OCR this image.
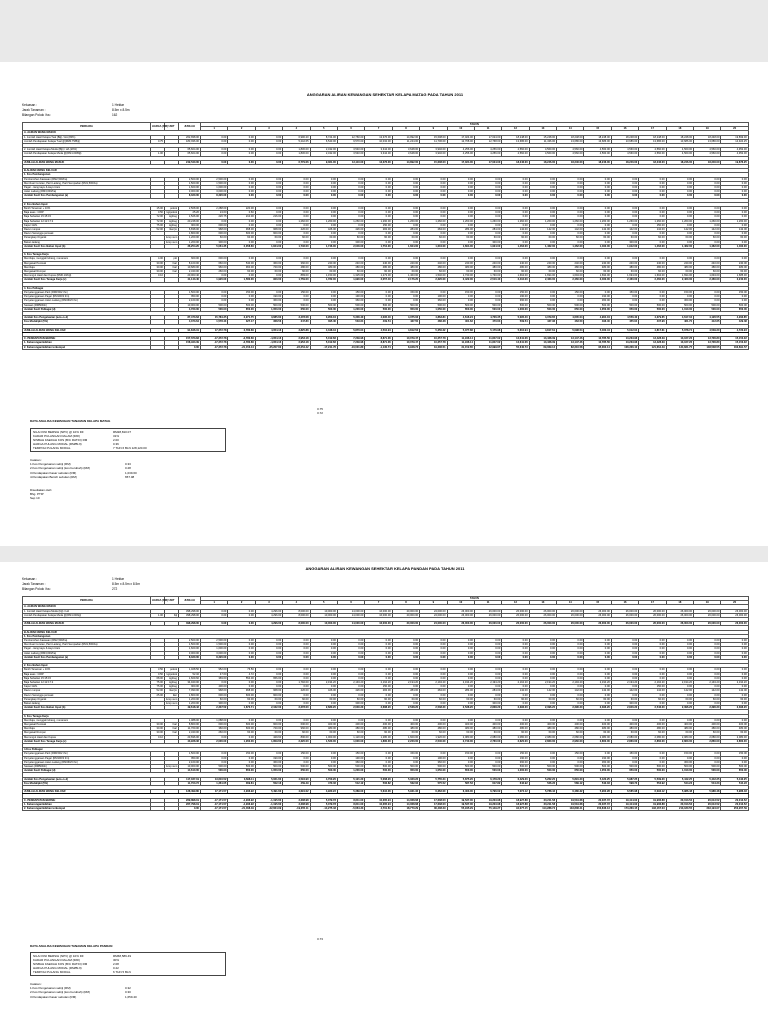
ANGGARAN ALIRAN KEWANGAN SEHEKTAR KELAPA MATAG PADA TAHUN 2011
Keluasan :	1 Hektar
Jarak Tanaman :	8.5m x 8.5m
Bilangan Pokok /ha :	162
PERKARA	HARGA (RM)	UNIT	JUMLAH	TAHUN																				
				1	2	3	4	5	6	7	8	9	10	11	12	13	14	15	16	17	18	19	20	
A. ALIRAN WANG MASUK																								
1. Jumlah Hasil Kelapa Tual (Biji) / HA (80%)			262,838.00	0.00	0.00	0.00	6,990.20	8,724.00	12,760.00	13,376.00	14,992.00	15,608.00	17,024.00	17,024.00	18,248.00	15,248.00	18,248.00	18,248.00	18,248.00	18,248.00	18,248.00	18,248.00	19,899.00	
Jumlah Pendapatan Kelapa Tual @(RM0.75/Biji)	0.75		183,936.00	0.00	0.00	0.00	5,242.65	6,543.00	9,570.00	10,032.00	11,244.00	11,706.00	12,768.00	12,768.00	13,686.00	11,436.00	13,686.00	13,686.00	13,686.00	13,686.00	13,686.00	13,686.00	14,924.25	

2. Jumlah Hasil Kelapa Muda (Biji) / HA (20%)			65,604.00	0.00	0.00	0.00	1,830.00	2,432.00	3,540.00	3,344.00	3,648.00	3,902.00	4,256.00	4,256.00	4,560.00	4,560.00	4,560.00	4,560.00	4,560.00	4,560.00	4,560.00	4,560.00	4,952.00	
Jumlah Pendapatan Kelapa Muda @(RM1.00/Biji)	1.00		65,604.00	0.00	0.00	0.00	1,830.00	2,432.00	3,540.00	3,344.00	3,648.00	3,902.00	4,256.00	4,256.00	4,560.00	4,560.00	4,560.00	4,560.00	4,560.00	4,560.00	4,560.00	4,560.00	4,952.00	

JUMLAH ALIRAN WANG MASUK			249,540.00	0.00	0.00	0.00	6,779.06	9,361.00	13,110.00	13,376.00	14,892.00	15,608.00	17,024.00	17,024.00	18,246.00	18,246.00	18,246.00	18,246.00	18,246.00	18,246.00	18,246.00	18,246.00	19,876.25	

B.ALIRAN WANG KELUAR																								
1. Kos Pembangunan																								
Pembersihan Kawasan (RM2,500/ha)			2,500.00	2,500.00	0.00	0.00	0.00	0.00	0.00	0.00	0.00	0.00	0.00	0.00	0.00	0.00	0.00	0.00	0.00	0.00	0.00	0.00	0.00	
Membuat Cerutan, Parit Ladang, Parit Sempadan (RM1,500/ha)			1,500.00	1,500.00	0.00	0.00	0.00	0.00	0.00	0.00	0.00	0.00	0.00	0.00	0.00	0.00	0.00	0.00	0.00	0.00	0.00	0.00	0.00	
Pagar - tiang kayu & kayu tiram			1,600.00	1,600.00	0.00	0.00	0.00	0.00	0.00	0.00	0.00	0.00	0.00	0.00	0.00	0.00	0.00	0.00	0.00	0.00	0.00	0.00	0.00	
Jalan Ladang (RM3,000/ha)			3,000.00	3,000.00	0.00	0.00	0.00	0.00	0.00	0.00	0.00	0.00	0.00	0.00	0.00	0.00	0.00	0.00	0.00	0.00	0.00	0.00	0.00	
Jumlah Kecil Kos Pembangunan (a)			8,320.00	8,320.00	0.00	0.00	0.00	0.00	0.00	0.00	0.00	0.00	0.00	0.00	0.00	0.00	0.00	0.00	0.00	0.00	0.00	0.00	0.00	

2. Kos Bahan Input																								
Benih Tanaman + 10%	15.00	pokok	2,508.00	2,288.00	220.00	0.00	0.00	0.00	0.00	0.00	0.00	0.00	0.00	0.00	0.00	0.00	0.00	0.00	0.00	0.00	0.00	0.00	0.00	
Baja asas : CIRP	0.50	kg/pokok	25.20	24.60	0.60	0.00	0.00	0.00	0.00	0.00	0.00	0.00	0.00	0.00	0.00	0.00	0.00	0.00	0.00	0.00	0.00	0.00	0.00	
Baja Sebatian 15:15:15	72.00	kg/beg	1,526.00	226.75	210.00	216.00	0.00	0.00	0.00	0.00	0.00	0.00	0.00	0.00	0.00	0.00	0.00	0.00	0.00	0.00	0.00	0.00	0.00	
Baja Sebatian 12:12:17:2	72.00	kg/beg	20,248.00	0.00	0.00	0.00	1,260.00	1,260.00	1,260.00	1,260.00	1,260.00	1,260.00	1,260.00	1,260.00	1,260.00	1,260.00	1,260.00	1,260.00	1,260.00	1,260.00	1,260.00	1,260.00	1,260.00	
Kapur GML	75.00	kg/beg	900.00	600.00	0.00	0.00	0.00	0.00	0.00	150.00	0.00	0.00	0.00	0.00	0.00	0.00	0.00	0.00	0.00	150.00	0.00	0.00	0.00	
Racun rumpai	52.00	liter/jm	6,838.00	968.00	968.00	968.00	426.00	426.00	426.00	284.00	284.00	284.00	284.00	284.00	142.00	142.00	142.00	142.00	142.00	142.00	142.00	142.00	142.00	
Racun Serangga perosak			1,800.00	600.00	600.00	600.00	0.00	0.00	0.00	0.00	0.00	0.00	0.00	0.00	0.00	0.00	0.00	0.00	0.00	0.00	0.00	0.00	0.00	
Perangkap Organik		lump sum	1,200.00	60.00	60.00	60.00	60.00	60.00	60.00	60.00	60.00	60.00	60.00	60.00	60.00	60.00	60.00	60.00	60.00	60.00	60.00	60.00	60.00	
Bekan ladang		lump sum	1,200.00	300.00	0.00	0.00	0.00	0.00	300.00	0.00	0.00	0.00	0.00	300.00	0.00	0.00	0.00	0.00	300.00	0.00	0.00	0.00	0.00	
Jumlah Kecil Kos Bahan Input (b)			36,254.20	5,061.35	2,058.60	1,844.00	1,746.00	1,746.00	2,046.00	1,754.00	1,604.00	1,604.00	1,604.00	1,904.00	1,462.00	1,462.00	1,462.00	1,462.00	1,912.00	1,462.00	1,462.00	1,462.00	1,462.00	

3. Kos Tenaga Kerja																								
Membaja, menggali lubang, menanam	4.00	pkt	600.00	600.00	0.00	0.00	0.00	0.00	0.00	0.00	0.00	0.00	0.00	0.00	0.00	0.00	0.00	0.00	0.00	0.00	0.00	0.00	0.00	
Mengawal Perosak	30.00	hari	8,100.00	660.00	540.00	360.00	360.00	240.00	240.00	240.00	240.00	240.00	240.00	240.00	240.00	240.00	240.00	240.00	240.00	240.00	240.00	240.00	240.00	
Membaja	30.00	hari	10,680.00	960.00	960.00	720.00	480.00	480.00	480.00	480.00	480.00	480.00	480.00	480.00	480.00	480.00	480.00	480.00	480.00	480.00	480.00	480.00	480.00	
Mengawal Rumpai	30.00	hari	2,340.00	260.00	60.00	60.00	60.00	60.00	60.00	60.00	60.00	60.00	60.00	60.00	60.00	60.00	60.00	60.00	60.00	60.00	60.00	60.00	60.00	
Memungut Hasil dan Kupas (RM0.10/biji)	0.10		20,003.40	0.00	0.00	0.00	883.00	1,150.00	1,325.00	1,273.00	1,463.00	1,540.00	1,730.00	1,730.00	1,694.00	1,694.00	1,694.00	1,694.00	1,694.00	1,694.00	1,694.00	1,694.00	1,685.00	
Jumlah Kecil Kos Tenaga Kerja (c)			41,143.40	1,920.00	1,580.00	900.00	1,759.00	1,782.00	1,990.00	2,057.40	2,176.20	2,320.00	2,422.00	2,510.40	2,434.00	2,460.00	2,460.00	2,460.00	2,460.00	2,460.00	2,460.00	2,460.00	2,240.00	

4. Kos Pelbagai																								
Penyelenggaraan Parit (RM150/2 thn)			1,500.00	0.00	150.00	0.00	150.00	0.00	150.00	0.00	150.00	0.00	150.00	0.00	150.00	0.00	150.00	0.00	150.00	0.00	150.00	0.00	150.00	
Penyelenggaraan Pagar (RM190/3 thn)			950.00	0.00	0.00	190.00	0.00	0.00	190.00	0.00	0.00	190.00	0.00	0.00	190.00	0.00	0.00	190.00	0.00	0.00	0.00	0.00	0.00	
Penyelenggaraan Jalan Ladang (RM360/3 thn)			2,160.00	0.00	0.00	360.00	0.00	0.00	360.00	0.00	0.00	360.00	0.00	0.00	360.00	0.00	0.00	360.00	0.00	0.00	360.00	0.00	0.00	
Sewaan (RM50/bln)			10,000.00	500.00	500.00	500.00	500.00	500.00	500.00	500.00	500.00	500.00	500.00	500.00	500.00	500.00	500.00	500.00	500.00	500.00	500.00	500.00	500.00	
Jumlah Kecil Pelbagai (d)			4,760.00	500.00	650.00	1,050.00	650.00	500.00	1,200.00	500.00	650.00	1,050.00	650.00	500.00	1,200.00	500.00	650.00	1,050.00	650.00	500.00	1,010.00	500.00	650.00	

Jumlah Kos Pengeluaran (a+b+c+d)			87,473.63	15,784.35	3,271.75	3,685.60	3,478.08	3,953.04	5,336.40	4,095.40	4,375.03	4,863.84	4,616.24	4,706.35	5,095.40	4,379.65	4,635.04	4,964.04	4,556.40	4,379.65	4,617.04	4,126.55	4,293.85	
Kos Modal/pkt (5%)			4,373.64	1,578.43	327.17	368.56	347.80	395.30	533.64	409.54	437.50	486.38	461.62	470.63	509.54	437.96	463.50	496.40	455.64	437.96	461.70	412.65	429.38	

JUMLAH ALIRAN WANG KELUAR			91,846.31	17,372.78	3,780.66	4,054.16	3,825.88	4,348.34	5,870.04	4,504.94	4,812.53	5,350.22	5,077.86	5,176.98	5,604.94	4,817.61	5,098.54	5,460.44	5,012.04	4,817.61	5,078.74	4,539.20	4,723.23	

C. PENDAPATAN BERSIH			157,673.83	-17,372.78	-3,780.66	-4,054.16	2,953.18	5,012.66	7,239.96	8,871.06	10,079.47	10,257.78	11,946.14	11,847.02	12,641.06	13,428.39	13,147.46	12,785.56	13,233.96	13,428.39	13,167.26	13,706.80	15,153.02	
1. Keberungan/lebihan			158,943.39	-17,372.78	-3,780.66	-4,054.16	2,953.18	5,012.66	7,239.96	8,871.06	10,079.47	10,257.78	11,946.14	11,847.02	12,641.06	13,428.39	13,147.46	12,785.56	13,233.96	13,428.39	13,167.26	13,706.80	15,153.02	
2. Keberungan/lebihan terkumpul			0.00	-17,372.78	-21,153.44	-25,207.60	-22,254.42	-17,241.76	-10,001.80	-1,130.74	8,948.73	19,206.51	31,152.65	42,999.67	55,640.73	69,069.12	82,216.58	95,002.14	108,236.10	121,664.49	134,831.75	148,538.55	163,691.57	
0.75
0.72
DATA ANALISA KEWANGAN TANAMAN KELAPA MATAG
NILAI KINI BERSIH (NPV) @ 10% DF	RM28,810.07
KADAR PULANGAN DALAM (IRR)	31%
NISBAH FAEDAH KOS (B/C RATIO) RM	2.00
HARGA PULANG MODAL (RM/BIJI)	0.36
TEMPOH PULANG MODAL	7 THN 6 BLN 128,120.00
Catatan :
1.Kos Pengeluaran sebiji (RM)	0.33
2.Kos Pengeluaran sebiji (kos berubah) (RM)	0.28
3.Pendapatan Kasar sebulan (RM)	1,039.60
4.Pendapatan Bersih sebulan (RM)	657.08
Disediakan oleh:
Bhg. PTIP
Sep 10
ANGGARAN ALIRAN KEWANGAN SEHEKTAR KELAPA PANDAN PADA TAHUN 2011
Keluasan :	1 Hektar
Jarak Tanaman :	8.5m x 8.5m x 8.5m
Bilangan Pokok /ha :	272
PERKARA	HARGA (RM)	UNIT	JUMLAH	TAHUN																				
				1	2	3	4	5	6	7	8	9	10	11	12	13	14	15	16	17	18	19	20	
A. ALIRAN WANG MASUK																								
1. Jumlah Hasil Kelapa Muda (biji) / HA			398,298.00	0.00	0.00	4,296.00	8,000.00	10,000.00	14,000.00	16,000.00	20,000.00	24,000.00	26,000.00	26,000.00	26,000.00	26,000.00	26,000.00	26,000.00	26,000.00	26,000.00	26,000.00	26,000.00	26,000.00	
Jumlah Pendapatan Kelapa Muda @(RM1.00/biji)	1.00	biji	398,298.00	0.00	0.00	4,296.00	8,000.00	10,000.00	14,000.00	16,000.00	20,000.00	24,000.00	26,000.00	26,000.00	26,000.00	26,000.00	26,000.00	26,000.00	26,000.00	26,000.00	26,000.00	26,000.00	26,000.00	

JUMLAH ALIRAN WANG MASUK			398,298.00	0.00	0.00	4,296.00	8,000.00	10,000.00	14,000.00	16,000.00	20,000.00	24,000.00	26,000.00	26,000.00	26,000.00	26,000.00	26,000.00	26,000.00	26,000.00	26,000.00	26,000.00	26,000.00	26,000.00	

B.ALIRAN WANG KELUAR																								
1. Kos Pembangunan																								
Pembersihan Kawasan (RM2,500/ha)			2,500.00	2,500.00	0.00	0.00	0.00	0.00	0.00	0.00	0.00	0.00	0.00	0.00	0.00	0.00	0.00	0.00	0.00	0.00	0.00	0.00	0.00	
Membuat Cerutan, Parit Ladang, Parit Sempadan (RM1,500/ha)			1,500.00	1,500.00	0.00	0.00	0.00	0.00	0.00	0.00	0.00	0.00	0.00	0.00	0.00	0.00	0.00	0.00	0.00	0.00	0.00	0.00	0.00	
Pagar - tiang kayu & kayu tiram			1,600.00	1,600.00	0.00	0.00	0.00	0.00	0.00	0.00	0.00	0.00	0.00	0.00	0.00	0.00	0.00	0.00	0.00	0.00	0.00	0.00	0.00	
Jalan Ladang (RM3,000/ha)			3,000.00	3,000.00	0.00	0.00	0.00	0.00	0.00	0.00	0.00	0.00	0.00	0.00	0.00	0.00	0.00	0.00	0.00	0.00	0.00	0.00	0.00	
Jumlah Kecil Kos Pembangunan (a)			8,320.00	8,320.00	0.00	0.00	0.00	0.00	0.00	0.00	0.00	0.00	0.00	0.00	0.00	0.00	0.00	0.00	0.00	0.00	0.00	0.00	0.00	

2. Kos Bahan Input																								
Benih Tanaman + 10%	3.50	pokok	1,028.50	952.00	76.50	0.00	0.00	0.00	0.00	0.00	0.00	0.00	0.00	0.00	0.00	0.00	0.00	0.00	0.00	0.00	0.00	0.00	0.00	
Baja asas : CIRP	0.50	kg/pokok	52.32	47.60	4.72	0.00	0.00	0.00	0.00	0.00	0.00	0.00	0.00	0.00	0.00	0.00	0.00	0.00	0.00	0.00	0.00	0.00	0.00	
Baja Sebatian 15:15:15	68.00	kg/beg	1,609.60	369.60	554.00	656.00	0.00	0.00	0.00	0.00	0.00	0.00	0.00	0.00	0.00	0.00	0.00	0.00	0.00	0.00	0.00	0.00	0.00	
Baja Sebatian 12:12:17:2	75.00	kg/beg	34,940.00	0.00	0.00	0.00	1,792.00	2,194.20	2,194.20	2,194.20	2,194.20	2,194.20	2,194.20	2,194.20	2,194.20	2,194.20	2,194.20	2,194.20	2,194.20	2,194.20	2,194.20	2,194.20	2,194.20	
Kapur GML	75.00	kg/beg	900.00	400.00	0.00	0.00	0.00	0.00	0.00	150.00	0.00	0.00	0.00	0.00	0.00	0.00	0.00	0.00	0.00	150.00	0.00	0.00	0.00	
Racun rumpai	52.00	liter/jm	7,090.00	968.00	968.00	968.00	426.00	426.00	426.00	284.00	284.00	284.00	284.00	284.00	142.00	142.00	142.00	142.00	142.00	142.00	142.00	142.00	142.00	
Racun Serangga perosak	25.00	liter	1,800.00	600.00	600.00	600.00	0.00	0.00	0.00	0.00	0.00	0.00	0.00	0.00	0.00	0.00	0.00	0.00	0.00	0.00	0.00	0.00	0.00	
Perangkap Organik		lump sum	1,200.00	60.00	60.00	60.00	60.00	60.00	60.00	60.00	60.00	60.00	60.00	60.00	60.00	60.00	60.00	60.00	60.00	60.00	60.00	60.00	60.00	
Bekan ladang		lump sum	1,200.00	300.00	0.00	0.00	0.00	0.00	300.00	0.00	0.00	0.00	0.00	300.00	0.00	0.00	0.00	0.00	300.00	0.00	0.00	0.00	0.00	
Jumlah Kecil Kos Bahan Input (b)			49,618.42	2,337.52	1,672.71	2,162.00	2,278.00	2,680.20	2,630.20	2,688.20	2,538.20	2,538.20	2,538.20	2,838.20	2,396.20	2,396.20	2,396.20	2,396.20	2,846.20	2,546.20	2,396.20	2,396.20	2,396.20	

3. Kos Tenaga Kerja																								
Membaja, menggali lubang, menanam			1,088.00	1,088.00	0.00	0.00	0.00	0.00	0.00	0.00	0.00	0.00	0.00	0.00	0.00	0.00	0.00	0.00	0.00	0.00	0.00	0.00	0.00	
Mengawal Perosak	30.00	hari	8,800.00	600.00	600.00	600.00	600.00	400.00	400.00	400.00	400.00	400.00	400.00	400.00	400.00	400.00	400.00	400.00	400.00	400.00	400.00	400.00	400.00	
Membaja	30.00	hari	11,760.00	360.00	600.00	720.00	960.00	480.00	480.00	480.00	480.00	480.00	480.00	480.00	480.00	480.00	480.00	480.00	480.00	480.00	480.00	480.00	480.00	
Mengawal Rumpai	30.00	hari	2,340.00	260.00	60.00	60.00	60.00	60.00	60.00	60.00	60.00	60.00	60.00	60.00	60.00	60.00	60.00	60.00	60.00	60.00	60.00	60.00	60.00	
Memungut Hasil dan Kupas	0.10		23,696.00	0.00	0.00	429.60	800.00	1,000.00	1,120.00	1,280.00	1,600.00	1,920.00	2,080.00	2,080.00	2,080.00	2,080.00	2,080.00	2,080.00	2,080.00	2,080.00	2,080.00	2,080.00	2,080.00	
Jumlah Kecil Kos Tenaga Kerja (c)			43,928.36	2,000.00	1,260.00	1,809.60	2,320.00	1,520.00	1,600.00	1,880.00	2,220.00	2,540.00	2,740.00	2,760.00	2,620.00	2,860.00	2,960.00	2,860.00	2,860.00	2,860.00	2,860.00	2,860.00	2,860.00	

4.Kos Pelbagai																								
Penyelenggaraan Parit (RM150/2 thn)			1,500.00	0.00	150.00	0.00	150.00	0.00	150.00	0.00	150.00	0.00	150.00	0.00	150.00	0.00	150.00	0.00	150.00	0.00	150.00	0.00	150.00	
Penyelenggaraan Pagar (RM190/3 thn)			950.00	0.00	0.00	190.00	0.00	0.00	190.00	0.00	0.00	190.00	0.00	0.00	190.00	0.00	0.00	190.00	0.00	0.00	0.00	0.00	0.00	
Penyelenggaraan Jalan Ladang (RM360/3 thn)			2,160.00	0.00	0.00	360.00	0.00	0.00	360.00	0.00	0.00	360.00	0.00	0.00	360.00	0.00	0.00	360.00	0.00	0.00	360.00	0.00	0.00	
Sewaan (RM50/bln)		lump sum	10,000.00	500.00	500.00	500.00	500.00	500.00	500.00	500.00	500.00	500.00	500.00	500.00	500.00	500.00	500.00	500.00	500.00	500.00	500.00	500.00	500.00	
Jumlah Kecil Pelbagai (d)			14,610.00	500.00	650.00	1,050.00	650.00	500.00	1,200.00	500.00	650.00	1,050.00	650.00	500.00	1,200.00	500.00	650.00	1,050.00	650.00	500.00	1,010.00	500.00	650.00	

Jumlah Kos Pengeluaran (a+b+c+d)			117,037.19	13,610.52	3,698.11	5,021.60	4,594.90	4,700.20	5,121.20	5,068.20	5,320.22	5,755.24	5,875.20	6,178.20	6,429.20	5,262.20	5,891.20	5,420.25	5,987.25	5,539.20	5,442.25	5,442.25	5,442.25	
Kos Modal/pkt (5%)			11,703.72	1,361.05	369.81	502.16	459.49	470.02	512.12	506.82	532.02	575.52	587.52	617.82	642.92	526.22	589.12	542.03	598.73	553.92	544.23	544.23	544.23	

JUMLAH ALIRAN WANG KELUAR			128,399.80	17,171.57	4,296.92	5,491.60	4,691.02	4,920.22	5,389.00	5,634.06	5,931.32	6,362.00	6,463.00	6,796.02	7,072.12	5,788.42	6,480.32	5,962.28	6,585.98	6,093.12	5,986.48	5,986.48	5,986.48	

C. PENDAPATAN BERSIH			269,898.19	-17,171.57	-4,296.92	-1,195.60	3,308.98	5,079.78	8,611.00	10,365.94	14,068.68	17,638.00	19,537.00	19,203.98	18,927.88	20,211.58	19,519.68	20,037.72	19,414.02	19,906.88	20,013.52	20,013.52	20,013.52	
1. Keberungan/lebihan			267,798.19	-17,171.57	-4,296.92	-1,195.60	3,308.98	5,079.78	8,611.00	10,365.94	14,068.68	17,638.00	19,537.00	19,203.98	18,927.88	20,211.58	19,519.68	20,037.72	19,414.02	19,906.88	20,013.52	20,013.52	20,013.52	
2. Keberungan/lebihan terkumpul			0.00	-17,171.57	-21,468.49	-22,664.09	-19,355.11	-14,275.33	-5,664.33	4,701.61	18,770.29	36,408.29	55,945.29	75,149.27	94,077.15	114,288.73	133,808.41	153,846.13	173,260.15	193,167.03	213,180.55	233,194.07	253,207.59	
0.73
DATA ANALISA KEWANGAN TANAMAN KELAPA PANDAN
NILAI KINI BERSIH (NPV) @ 10% DF	RM68,589.49
KADAR PULANGAN DALAM (IRR)	30%
NISBAH FAEDAH KOS (B/C RATIO) RM	2.08
HARGA PULANG MODAL (RM/BIJI)	0.22
TEMPOH PULANG MODAL	6 THN 5 BLN
Catatan :
1.Kos Pengeluaran sebiji (RM)	0.32
2.Kos Pengeluaran sebiji (kos berubah) (RM)	0.30
3.Pendapatan Kasar sebulan (RM)	1,659.40
